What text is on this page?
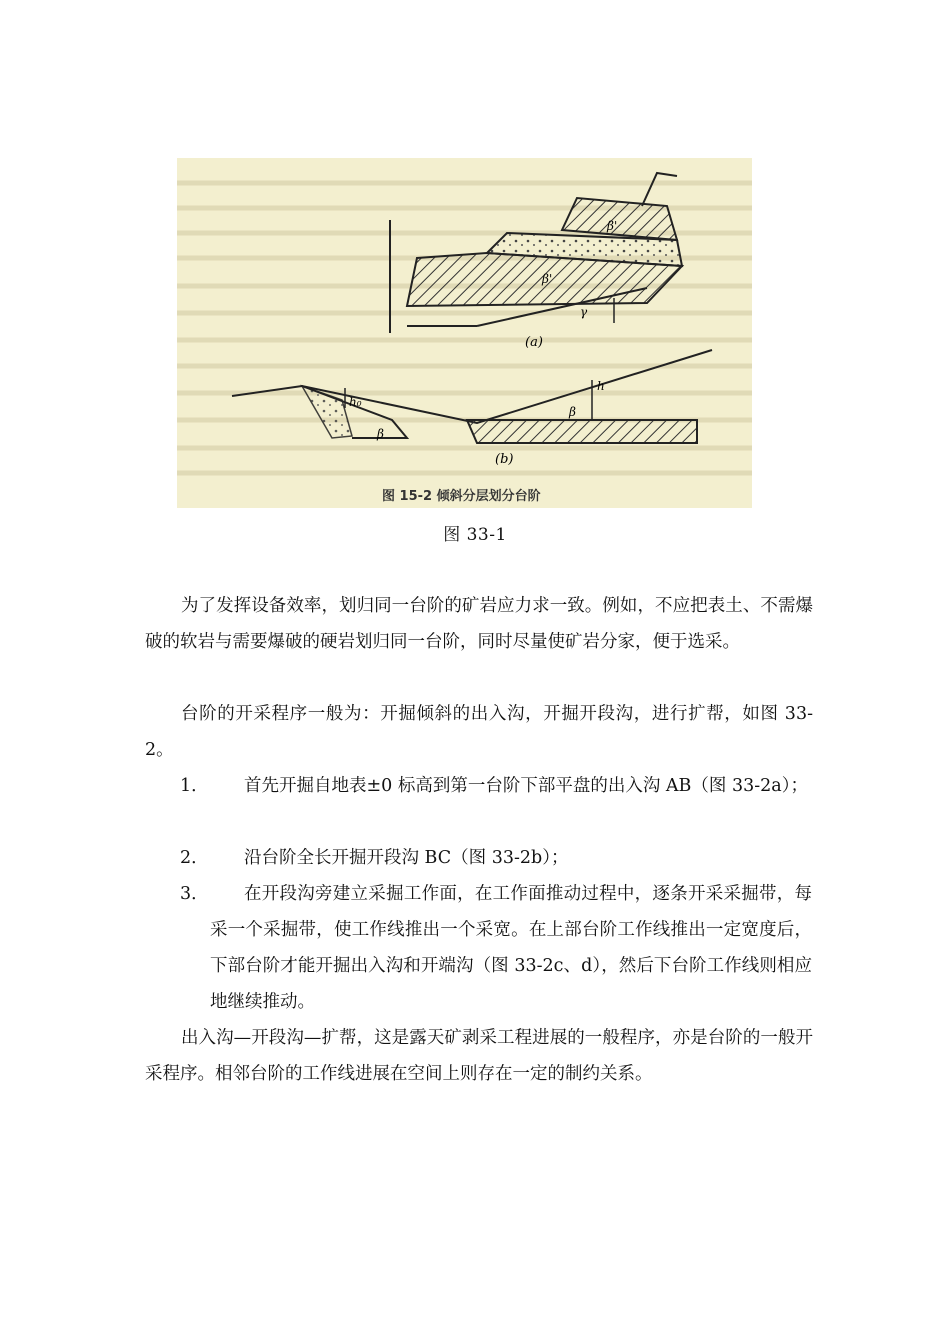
β'
β'
γ
(a)
h₀
h
β
β
(b)
图 15-2 倾斜分层划分台阶
图 33-1
为了发挥设备效率，划归同一台阶的矿岩应力求一致。例如，不应把表土、不需爆破的软岩与需要爆破的硬岩划归同一台阶，同时尽量使矿岩分家，便于选采。
台阶的开采程序一般为：开掘倾斜的出入沟，开掘开段沟，进行扩帮，如图 33-2。
1．	首先开掘自地表±0 标高到第一台阶下部平盘的出入沟 AB（图 33-2a）；
2．	沿台阶全长开掘开段沟 BC（图 33-2b）；
3．	在开段沟旁建立采掘工作面，在工作面推动过程中，逐条开采采掘带，每采一个采掘带，使工作线推出一个采宽。在上部台阶工作线推出一定宽度后，下部台阶才能开掘出入沟和开端沟（图 33-2c、d），然后下台阶工作线则相应地继续推动。
出入沟—开段沟—扩帮，这是露天矿剥采工程进展的一般程序，亦是台阶的一般开采程序。相邻台阶的工作线进展在空间上则存在一定的制约关系。
